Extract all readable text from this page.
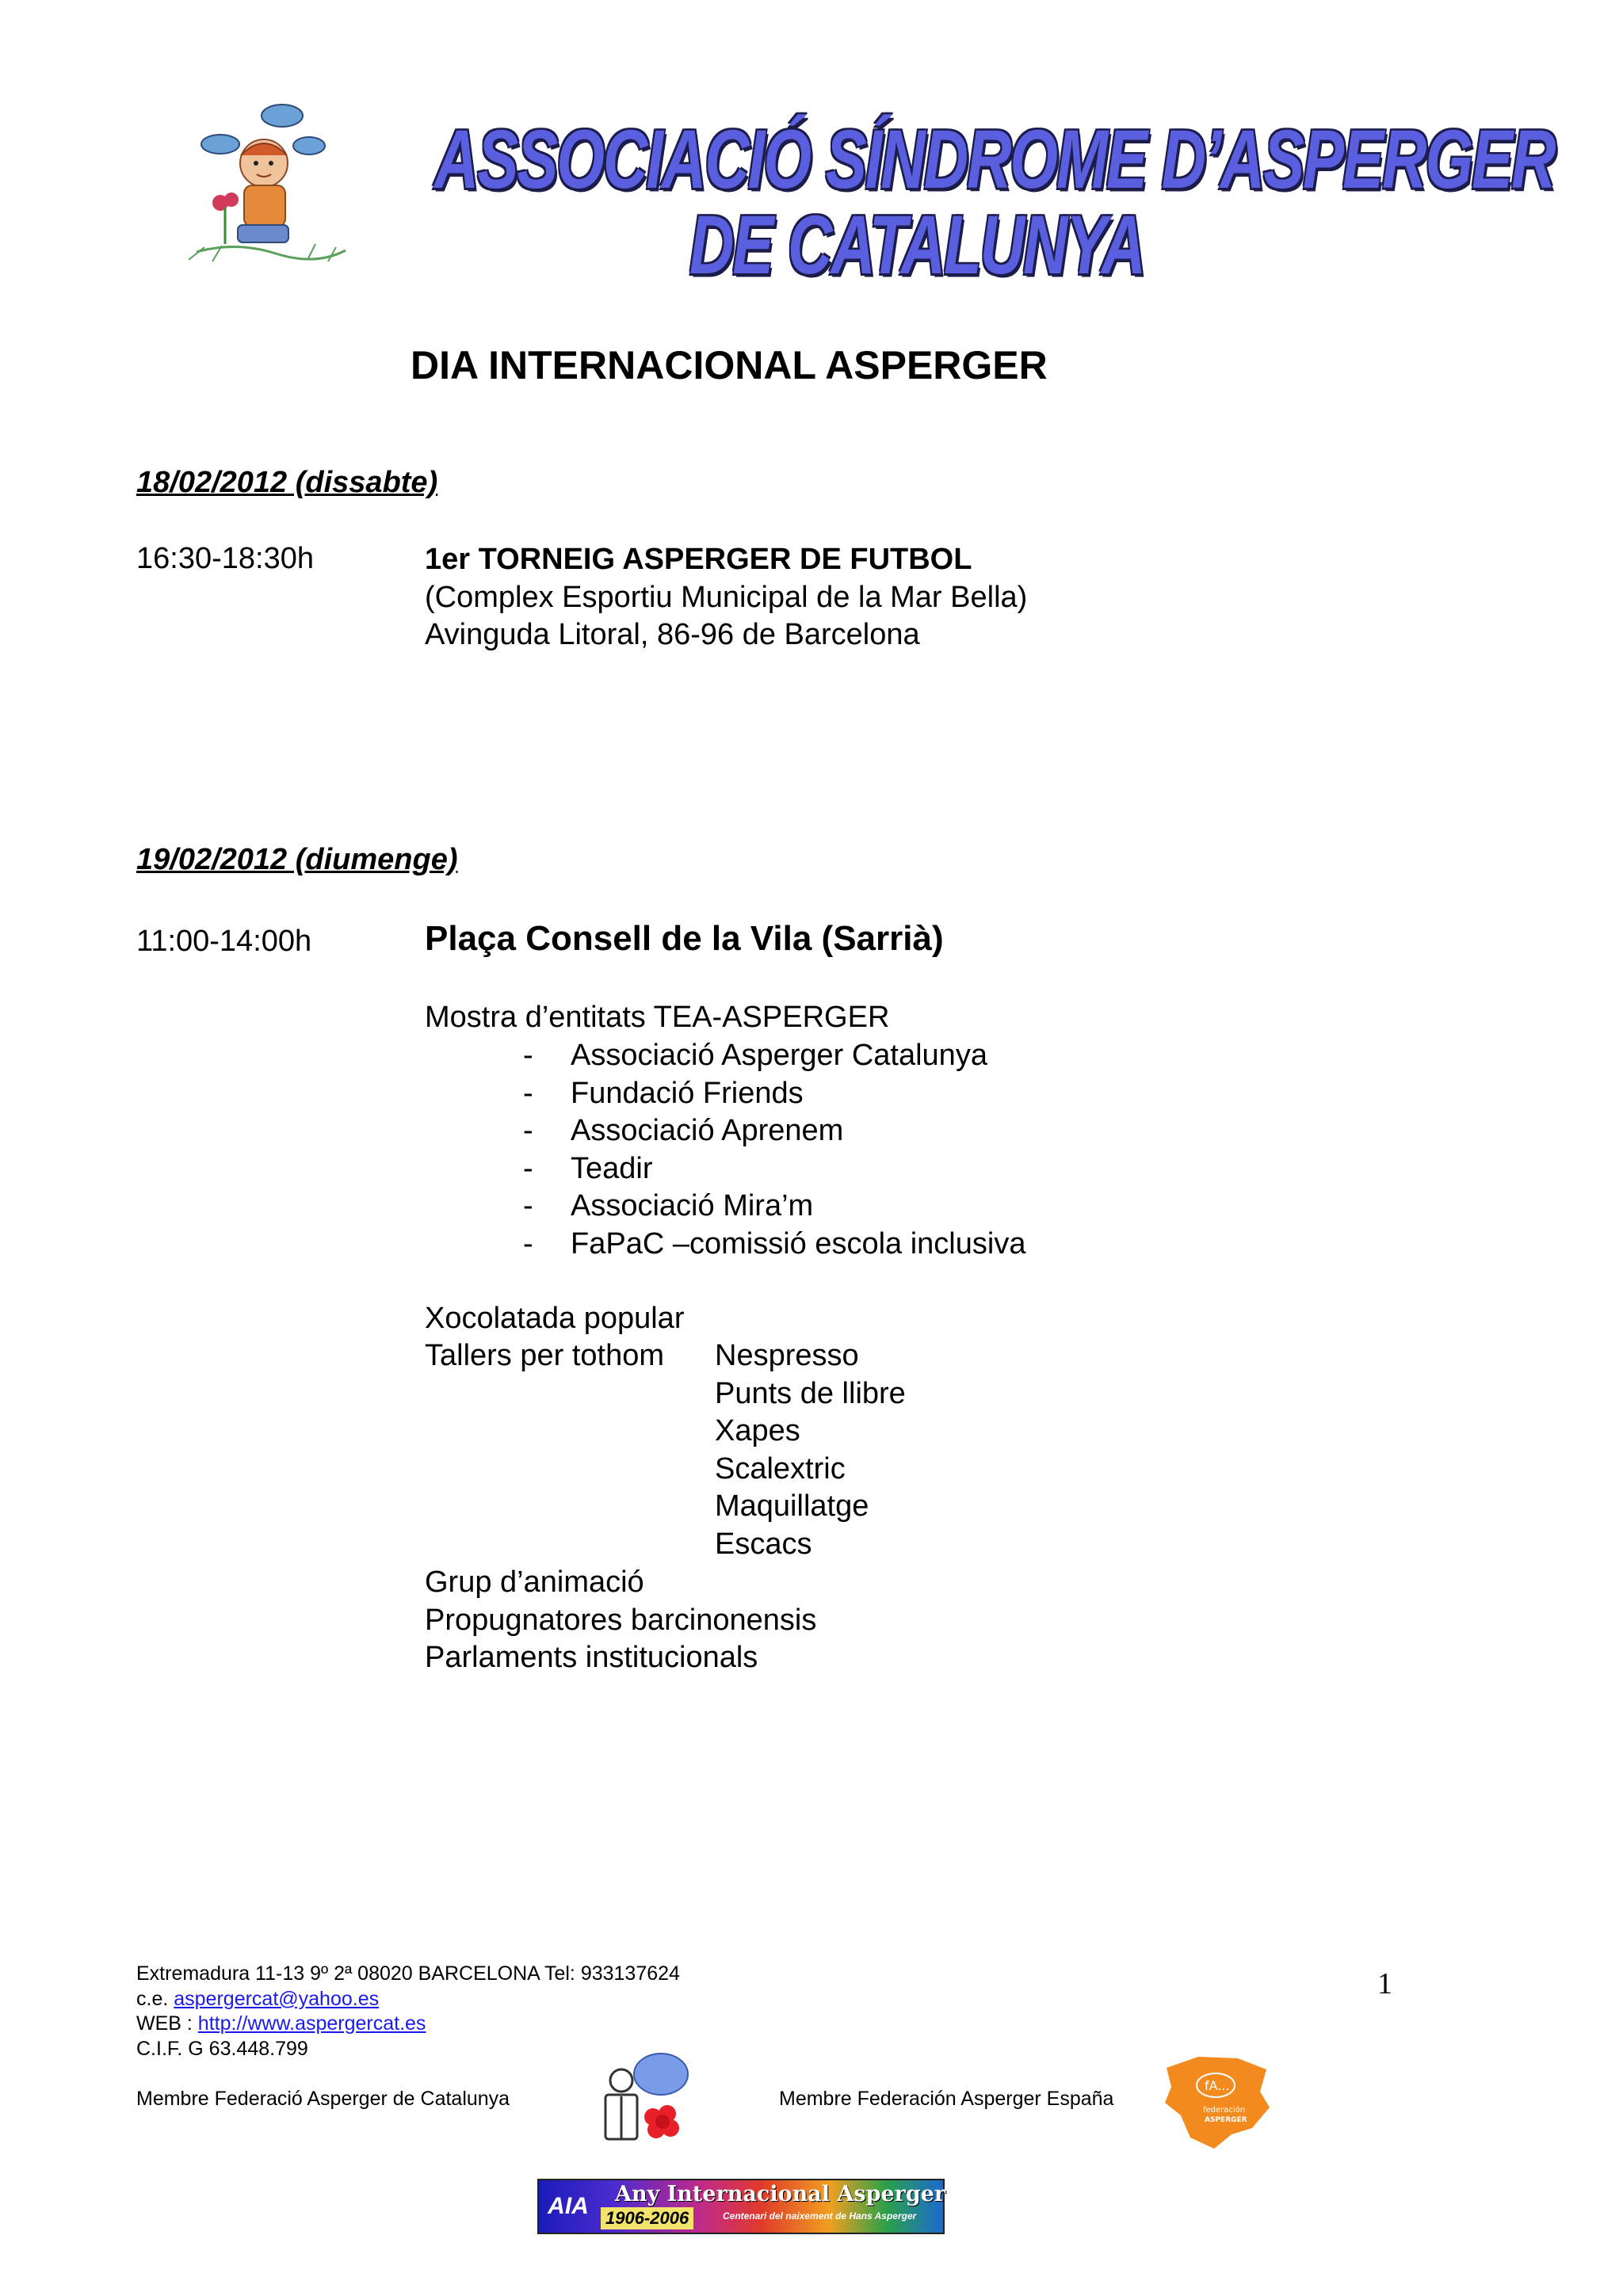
ASSOCIACIÓ SÍNDROME D’ASPERGER
DE CATALUNYA
DIA INTERNACIONAL ASPERGER
18/02/2012 (dissabte)
16:30-18:30h	1er TORNEIG ASPERGER DE FUTBOL
(Complex Esportiu Municipal de la Mar Bella)
Avinguda Litoral, 86-96 de Barcelona
19/02/2012 (diumenge)
11:00-14:00h	Plaça Consell de la Vila (Sarrià)
Mostra d’entitats TEA-ASPERGER
- Associació Asperger Catalunya
- Fundació Friends
- Associació Aprenem
- Teadir
- Associació Mira’m
- FaPaC –comissió escola inclusiva
Xocolatada popular
Tallers per tothom Nespresso
Punts de llibre
Xapes
Scalextric
Maquillatge
Escacs
Grup d’animació
Propugnatores barcinonensis
Parlaments institucionals
Extremadura 11-13 9º 2ª 08020 BARCELONA Tel: 933137624
c.e. aspergercat@yahoo.es
WEB : http://www.aspergercat.es
C.I.F. G 63.448.799
1
Membre Federació Asperger de Catalunya	Membre Federación Asperger España
fA...
federación
ASPERGER
AIA Any Internacional Asperger
1906-2006	Centenari del naixement de Hans Asperger
